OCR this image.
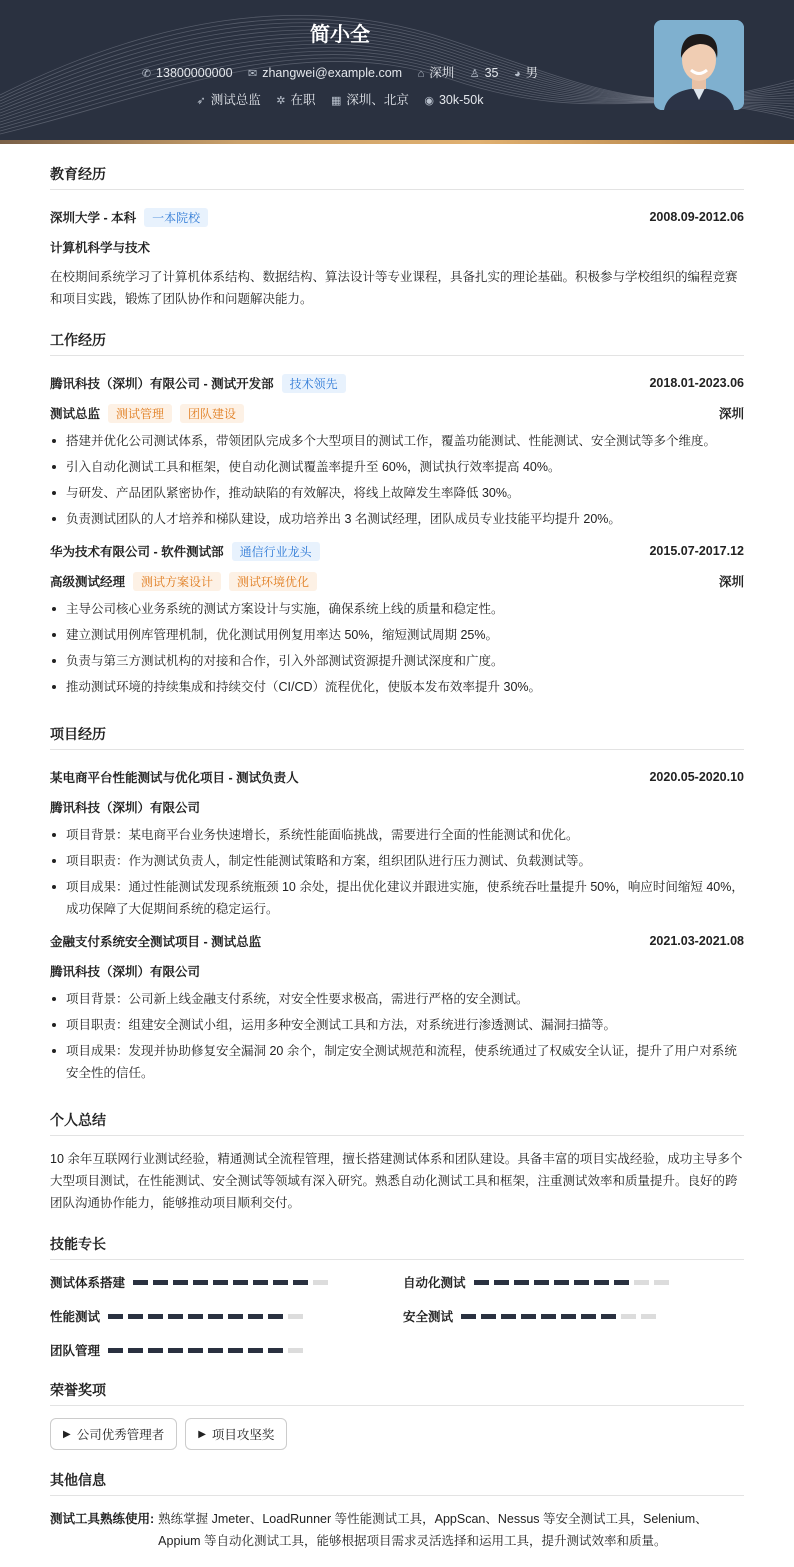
简小全
✆ 13800000000 ✉ zhangwei@example.com ⌂ 深圳 ♙ 35 ◕ 男
➶ 测试总监 ✲ 在职 ▦ 深圳、北京 ◉ 30k-50k
教育经历
深圳大学 - 本科 一本院校	2008.09-2012.06
计算机科学与技术
在校期间系统学习了计算机体系结构、数据结构、算法设计等专业课程，具备扎实的理论基础。积极参与学校组织的编程竞赛和项目实践，锻炼了团队协作和问题解决能力。
工作经历
腾讯科技（深圳）有限公司 - 测试开发部 技术领先	2018.01-2023.06
测试总监 测试管理 团队建设	深圳
搭建并优化公司测试体系，带领团队完成多个大型项目的测试工作，覆盖功能测试、性能测试、安全测试等多个维度。
引入自动化测试工具和框架，使自动化测试覆盖率提升至 60%，测试执行效率提高 40%。
与研发、产品团队紧密协作，推动缺陷的有效解决，将线上故障发生率降低 30%。
负责测试团队的人才培养和梯队建设，成功培养出 3 名测试经理，团队成员专业技能平均提升 20%。
华为技术有限公司 - 软件测试部 通信行业龙头	2015.07-2017.12
高级测试经理 测试方案设计 测试环境优化	深圳
主导公司核心业务系统的测试方案设计与实施，确保系统上线的质量和稳定性。
建立测试用例库管理机制，优化测试用例复用率达 50%，缩短测试周期 25%。
负责与第三方测试机构的对接和合作，引入外部测试资源提升测试深度和广度。
推动测试环境的持续集成和持续交付（CI/CD）流程优化，使版本发布效率提升 30%。
项目经历
某电商平台性能测试与优化项目 - 测试负责人	2020.05-2020.10
腾讯科技（深圳）有限公司
项目背景：某电商平台业务快速增长，系统性能面临挑战，需要进行全面的性能测试和优化。
项目职责：作为测试负责人，制定性能测试策略和方案，组织团队进行压力测试、负载测试等。
项目成果：通过性能测试发现系统瓶颈 10 余处，提出优化建议并跟进实施，使系统吞吐量提升 50%，响应时间缩短 40%，成功保障了大促期间系统的稳定运行。
金融支付系统安全测试项目 - 测试总监	2021.03-2021.08
腾讯科技（深圳）有限公司
项目背景：公司新上线金融支付系统，对安全性要求极高，需进行严格的安全测试。
项目职责：组建安全测试小组，运用多种安全测试工具和方法，对系统进行渗透测试、漏洞扫描等。
项目成果：发现并协助修复安全漏洞 20 余个，制定安全测试规范和流程，使系统通过了权威安全认证，提升了用户对系统安全性的信任。
个人总结
10 余年互联网行业测试经验，精通测试全流程管理，擅长搭建测试体系和团队建设。具备丰富的项目实战经验，成功主导多个大型项目测试，在性能测试、安全测试等领域有深入研究。熟悉自动化测试工具和框架，注重测试效率和质量提升。良好的跨团队沟通协作能力，能够推动项目顺利交付。
技能专长
测试体系搭建	自动化测试
性能测试	安全测试
团队管理
荣誉奖项
▶ 公司优秀管理者	▶ 项目攻坚奖
其他信息
测试工具熟练使用: 熟练掌握 Jmeter、LoadRunner 等性能测试工具，AppScan、Nessus 等安全测试工具，Selenium、Appium 等自动化测试工具，能够根据项目需求灵活选择和运用工具，提升测试效率和质量。
